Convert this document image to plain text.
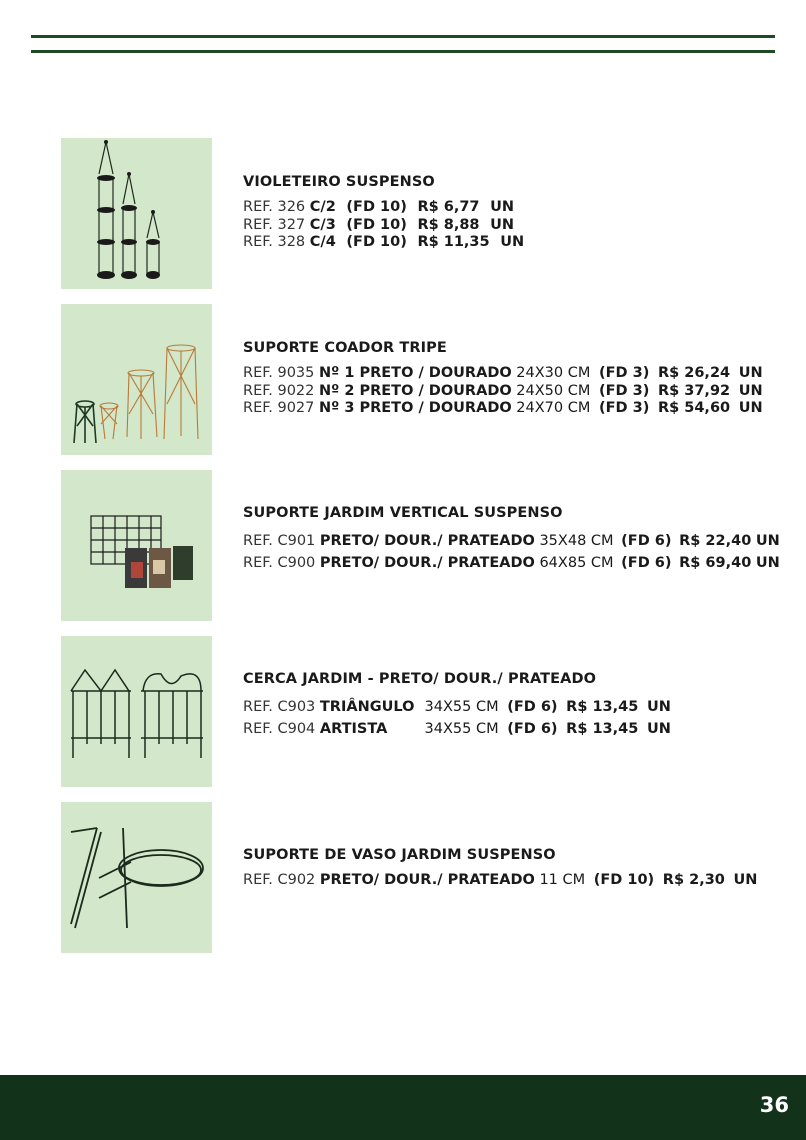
VIOLETEIRO SUSPENSO
REF. 326 C/2 (FD 10) R$ 6,77 UN
REF. 327 C/3 (FD 10) R$ 8,88 UN
REF. 328 C/4 (FD 10) R$ 11,35 UN
SUPORTE COADOR TRIPE
REF. 9035 Nº 1 PRETO / DOURADO 24X30 CM (FD 3) R$ 26,24 UN
REF. 9022 Nº 2 PRETO / DOURADO 24X50 CM (FD 3) R$ 37,92 UN
REF. 9027 Nº 3 PRETO / DOURADO 24X70 CM (FD 3) R$ 54,60 UN
SUPORTE JARDIM VERTICAL SUSPENSO
REF. C901 PRETO/ DOUR./ PRATEADO 35X48 CM (FD 6) R$ 22,40 UN
REF. C900 PRETO/ DOUR./ PRATEADO 64X85 CM (FD 6) R$ 69,40 UN
CERCA JARDIM - PRETO/ DOUR./ PRATEADO
REF. C903 TRIÂNGULO 34X55 CM (FD 6) R$ 13,45 UN
REF. C904 ARTISTA	34X55 CM (FD 6) R$ 13,45 UN
SUPORTE DE VASO JARDIM SUSPENSO
REF. C902 PRETO/ DOUR./ PRATEADO 11 CM (FD 10) R$ 2,30 UN
36
